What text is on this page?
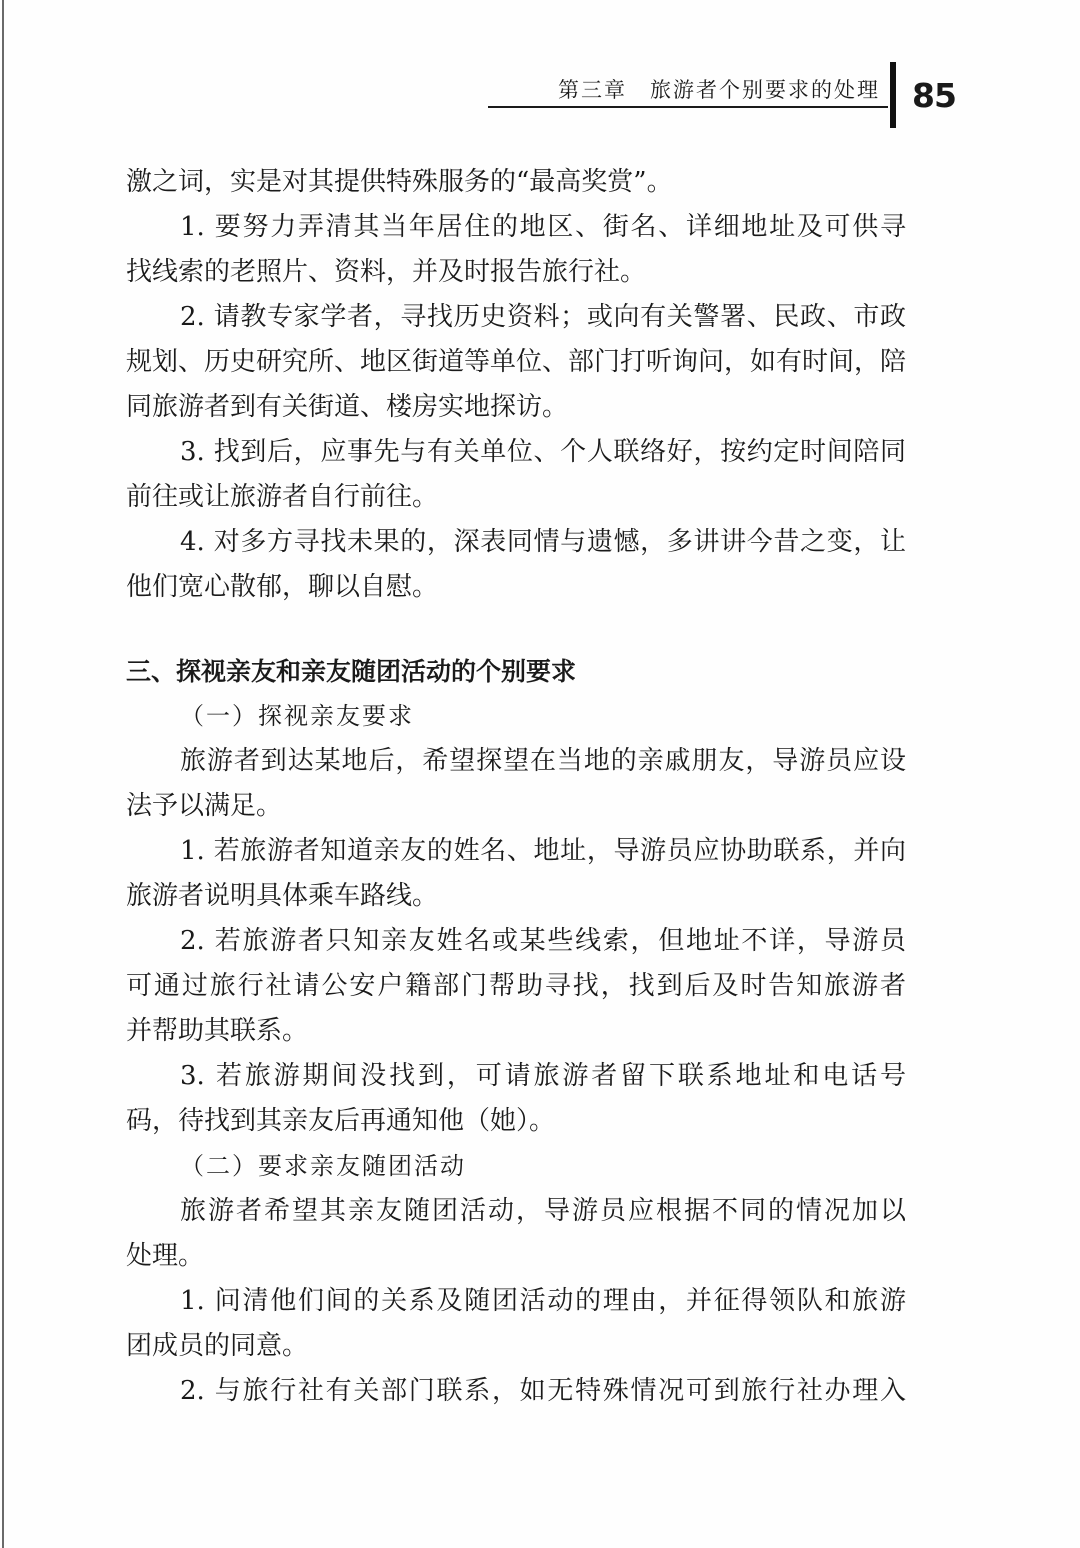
第三章　旅游者个别要求的处理 85
激之词，实是对其提供特殊服务的“最高奖赏”。
1. 要努力弄清其当年居住的地区、街名、详细地址及可供寻
找线索的老照片、资料，并及时报告旅行社。
2. 请教专家学者，寻找历史资料；或向有关警署、民政、市政
规划、历史研究所、地区街道等单位、部门打听询问，如有时间，陪
同旅游者到有关街道、楼房实地探访。
3. 找到后，应事先与有关单位、个人联络好，按约定时间陪同
前往或让旅游者自行前往。
4. 对多方寻找未果的，深表同情与遗憾，多讲讲今昔之变，让
他们宽心散郁，聊以自慰。
三、探视亲友和亲友随团活动的个别要求
（一）探视亲友要求
旅游者到达某地后，希望探望在当地的亲戚朋友，导游员应设
法予以满足。
1. 若旅游者知道亲友的姓名、地址，导游员应协助联系，并向
旅游者说明具体乘车路线。
2. 若旅游者只知亲友姓名或某些线索，但地址不详，导游员
可通过旅行社请公安户籍部门帮助寻找，找到后及时告知旅游者
并帮助其联系。
3. 若旅游期间没找到，可请旅游者留下联系地址和电话号
码，待找到其亲友后再通知他（她）。
（二）要求亲友随团活动
旅游者希望其亲友随团活动，导游员应根据不同的情况加以
处理。
1. 问清他们间的关系及随团活动的理由，并征得领队和旅游
团成员的同意。
2. 与旅行社有关部门联系，如无特殊情况可到旅行社办理入
